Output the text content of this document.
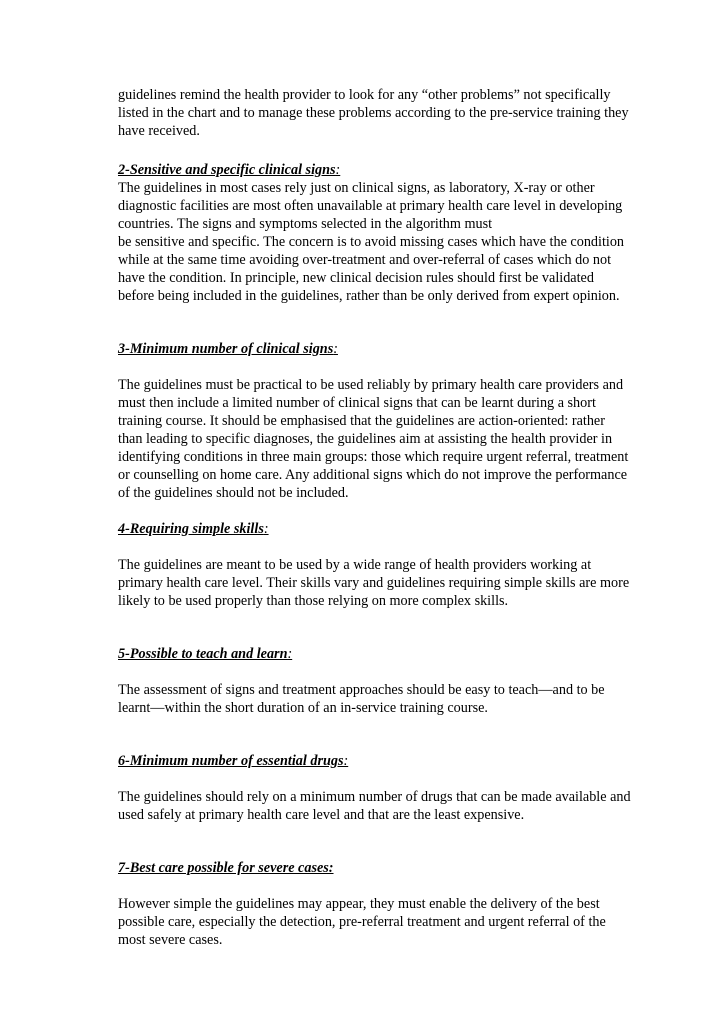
guidelines remind the health provider to look for any “other problems” not specifically
listed in the chart and to manage these problems according to the pre-service training they
have received.

2-Sensitive and specific clinical signs:

The guidelines in most cases rely just on clinical signs, as laboratory, X-ray or other
diagnostic facilities are most often unavailable at primary health care level in developing
countries. The signs and symptoms selected in the algorithm must
be sensitive and specific. The concern is to avoid missing cases which have the condition
while at the same time avoiding over-treatment and over-referral of cases which do not
have the condition. In principle, new clinical decision rules should first be validated
before being included in the guidelines, rather than be only derived from expert opinion.

3-Minimum number of clinical signs:

The guidelines must be practical to be used reliably by primary health care providers and
must then include a limited number of clinical signs that can be learnt during a short
training course. It should be emphasised that the guidelines are action-oriented: rather
than leading to specific diagnoses, the guidelines aim at assisting the health provider in
identifying conditions in three main groups: those which require urgent referral, treatment
or counselling on home care. Any additional signs which do not improve the performance
of the guidelines should not be included.

4-Requiring simple skills:

The guidelines are meant to be used by a wide range of health providers working at
primary health care level. Their skills vary and guidelines requiring simple skills are more
likely to be used properly than those relying on more complex skills.

5-Possible to teach and learn:

The assessment of signs and treatment approaches should be easy to teach—and to be
learnt—within the short duration of an in-service training course.

6-Minimum number of essential drugs:

The guidelines should rely on a minimum number of drugs that can be made available and
used safely at primary health care level and that are the least expensive.

7-Best care possible for severe cases:

However simple the guidelines may appear, they must enable the delivery of the best
possible care, especially the detection, pre-referral treatment and urgent referral of the
most severe cases.
